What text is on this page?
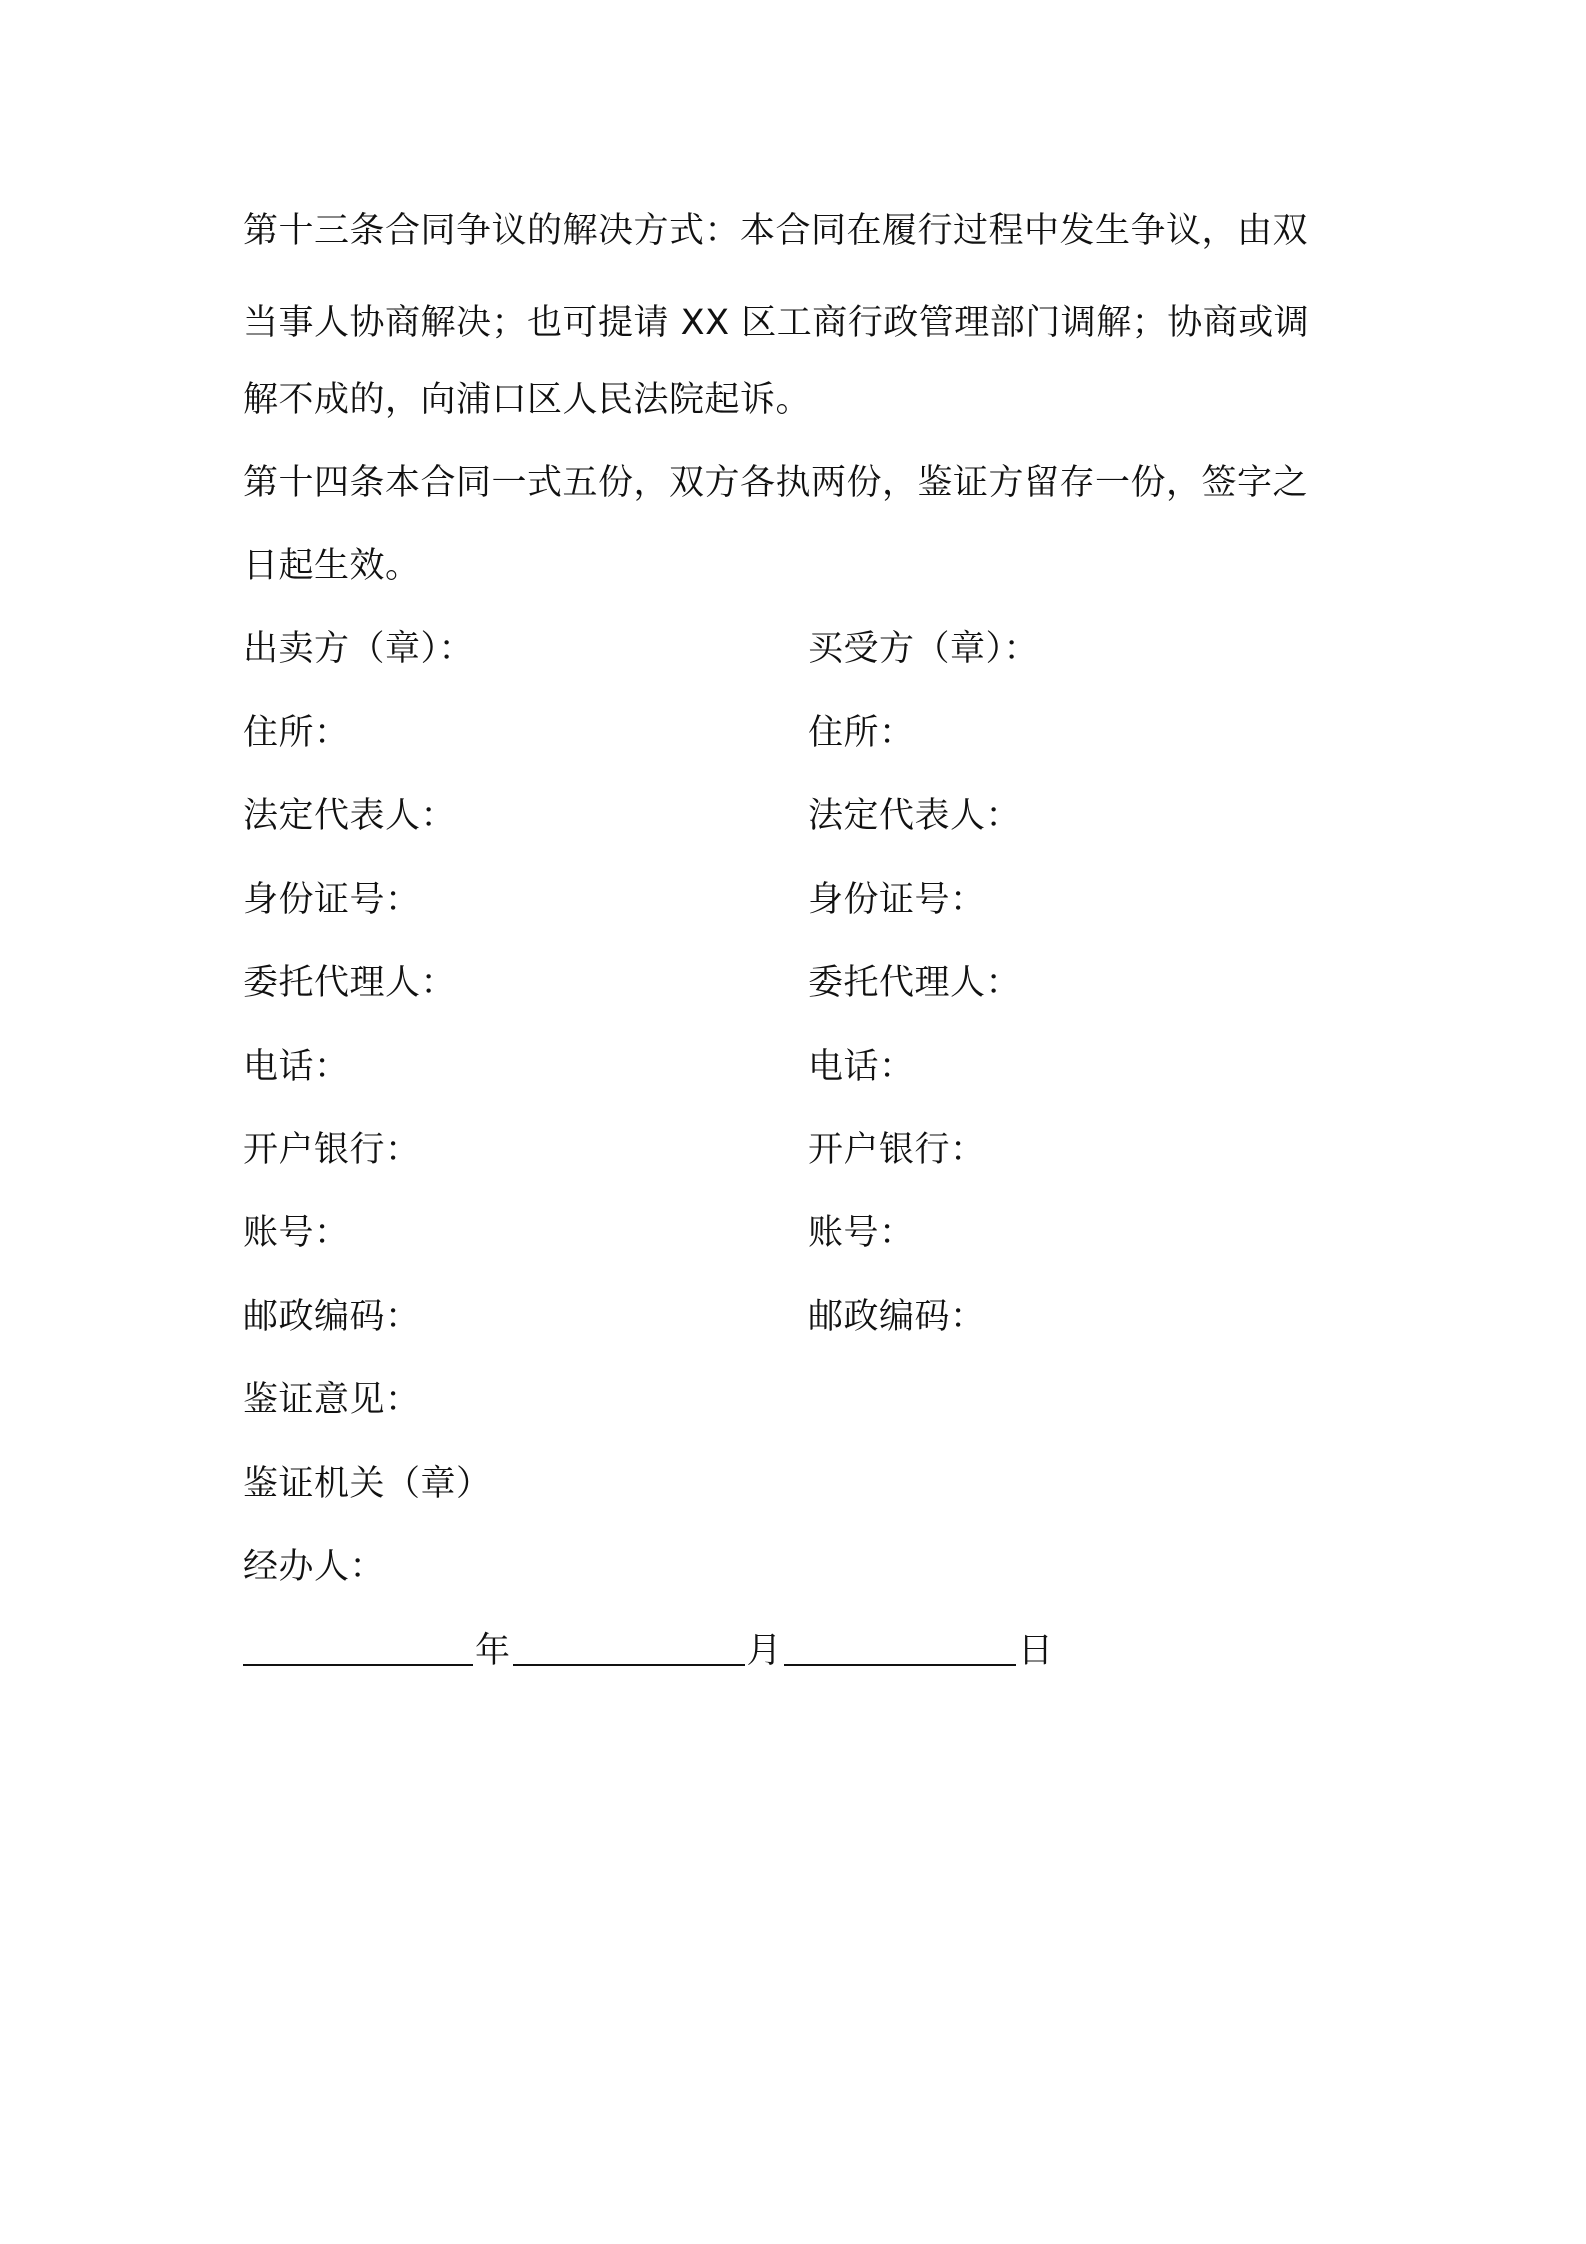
第十三条合同争议的解决方式：本合同在履行过程中发生争议，由双
当事人协商解决；也可提请 XX 区工商行政管理部门调解；协商或调
解不成的，向浦口区人民法院起诉。
第十四条本合同一式五份，双方各执两份，鉴证方留存一份，签字之
日起生效。
出卖方（章）：
住所：
法定代表人：
身份证号：
委托代理人：
电话：
开户银行：
账号：
邮政编码：
买受方（章）：
住所：
法定代表人：
身份证号：
委托代理人：
电话：
开户银行：
账号：
邮政编码：
鉴证意见：
鉴证机关（章）
经办人：
年	月	日
